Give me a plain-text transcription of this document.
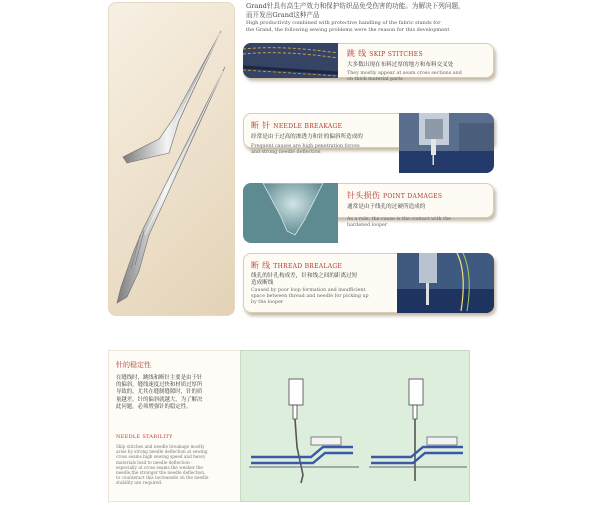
Grand针具有高生产效力和保护纺织品免受伤害的功能。为解决下列问题，
而开发出Grand这种产品
High productivity combined with protective handling of the fabric stands for
the Grand, the following sewing problems were the reason for this development
跳 线 SKIP STITCHES
大多数出现在布料过厚的地方和布料交叉处
They mostly appear at seam cross sections and
on thick material parts
断 针 NEEDLE BREAKAGE
经常是由于过高的渗透力和针的偏斜所造成的
Frequent causes are high penetration forces
and strong needle deflection
针头损伤 POINT DAMAGES
通常是由于线孔的过硬所造成的
As a rule, the cause is the contact with the
hardened looper
断 线 THREAD BREALAGE
线孔的针孔构成差，针和线之间的距离过短
造成断线
Caused by poor loop formation and insufficient
space between thread and needle for picking up
by the looper
针的稳定性
在缝线时，跳线和断针主要是由于针
的偏斜，缝线速度过快和材质过厚所
导致的，尤其在缝制缝隙时，针的质
量越差，针的偏斜就越大，为了解决
此问题，必须增强针的稳定性。
NEEDLE STABILITY
Skip stitches and needle breakage mostly
arise by strong needle deflection at sewing
cross seams,high sewing speed and heavy
materials lead to needle deflection -
especially at cross seams,the weaker the
needle,the stronger the needle deflection.
to counteract this increasedo on the needle
stability are required.
